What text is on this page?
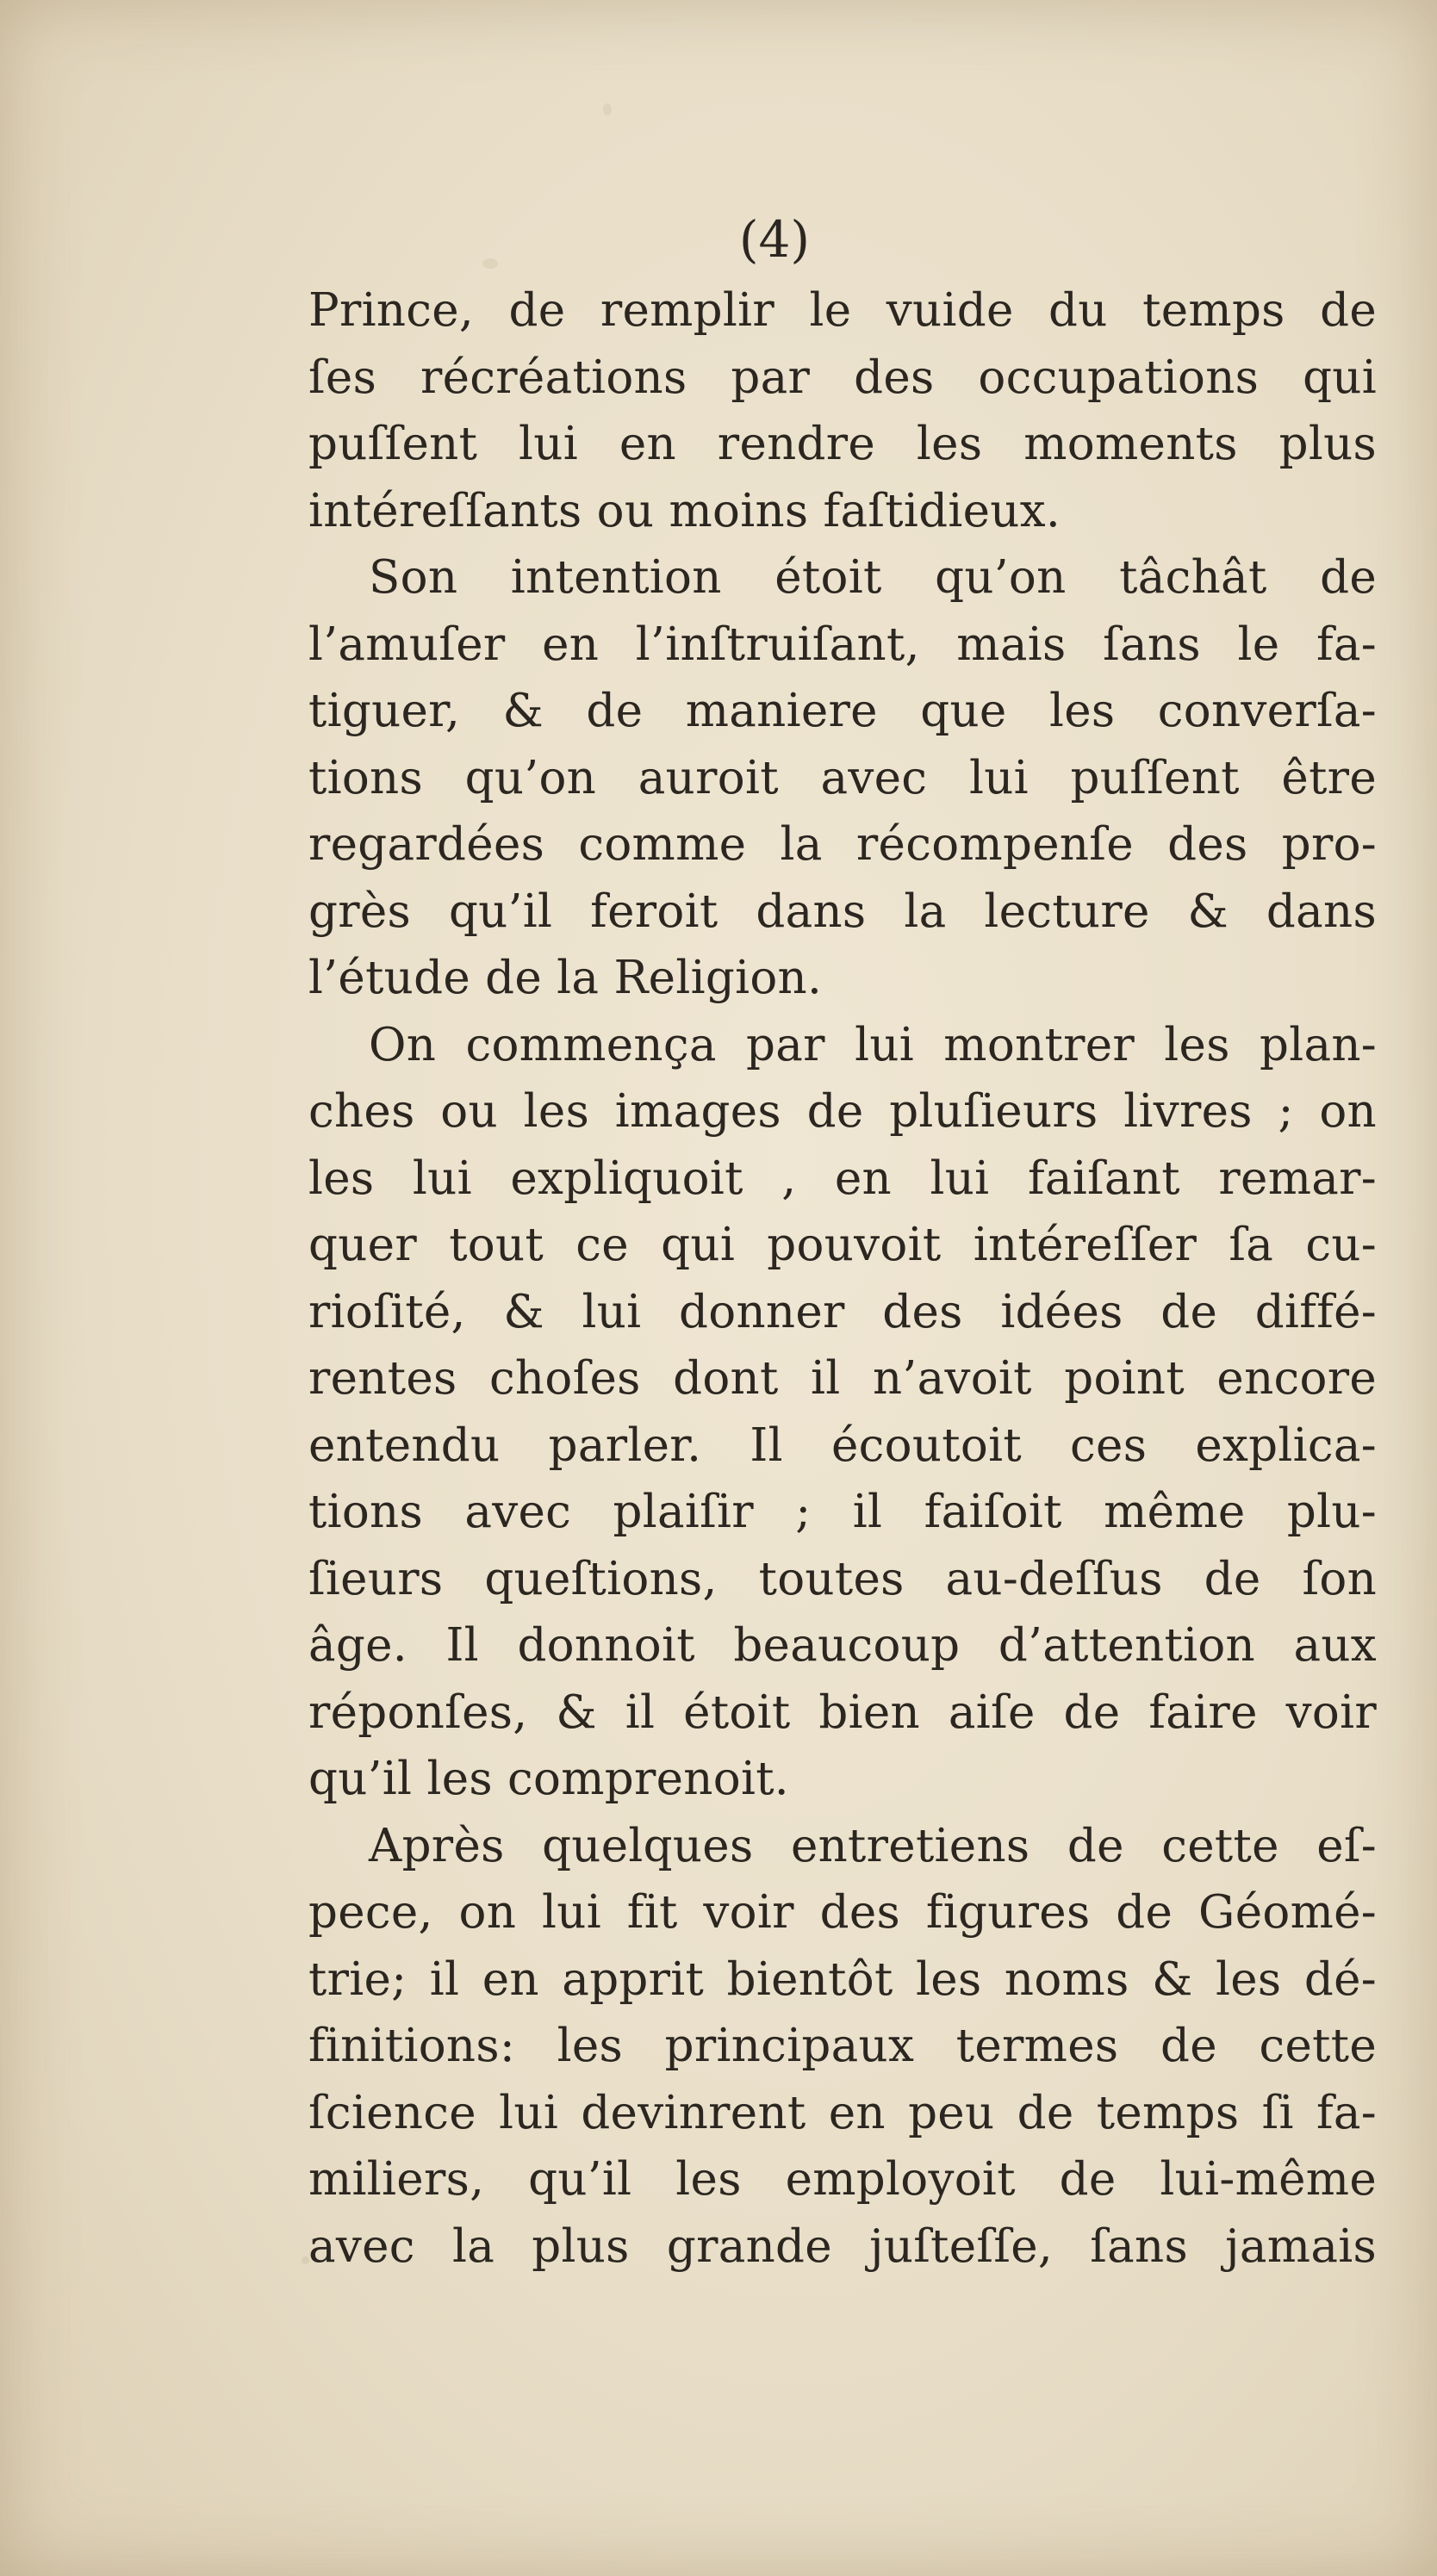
(4)
Prince, de remplir le vuide du temps de
ſes récréations par des occupations qui
puſſent lui en rendre les moments plus
intéreſſants ou moins faſtidieux.
Son intention étoit qu’on tâchât de
l’amuſer en l’inſtruiſant, mais ſans le fa-
tiguer, & de maniere que les converſa-
tions qu’on auroit avec lui puſſent être
regardées comme la récompenſe des pro-
grès qu’il feroit dans la lecture & dans
l’étude de la Religion.
On commença par lui montrer les plan-
ches ou les images de pluſieurs livres ; on
les lui expliquoit , en lui faiſant remar-
quer tout ce qui pouvoit intéreſſer ſa cu-
rioſité, & lui donner des idées de diffé-
rentes choſes dont il n’avoit point encore
entendu parler. Il écoutoit ces explica-
tions avec plaiſir ; il faiſoit même plu-
ſieurs queſtions, toutes au-deſſus de ſon
âge. Il donnoit beaucoup d’attention aux
réponſes, & il étoit bien aiſe de faire voir
qu’il les comprenoit.
Après quelques entretiens de cette eſ-
pece, on lui fit voir des figures de Géomé-
trie; il en apprit bientôt les noms & les dé-
finitions: les principaux termes de cette
ſcience lui devinrent en peu de temps ſi fa-
miliers, qu’il les employoit de lui-même
avec la plus grande juſteſſe, ſans jamais
